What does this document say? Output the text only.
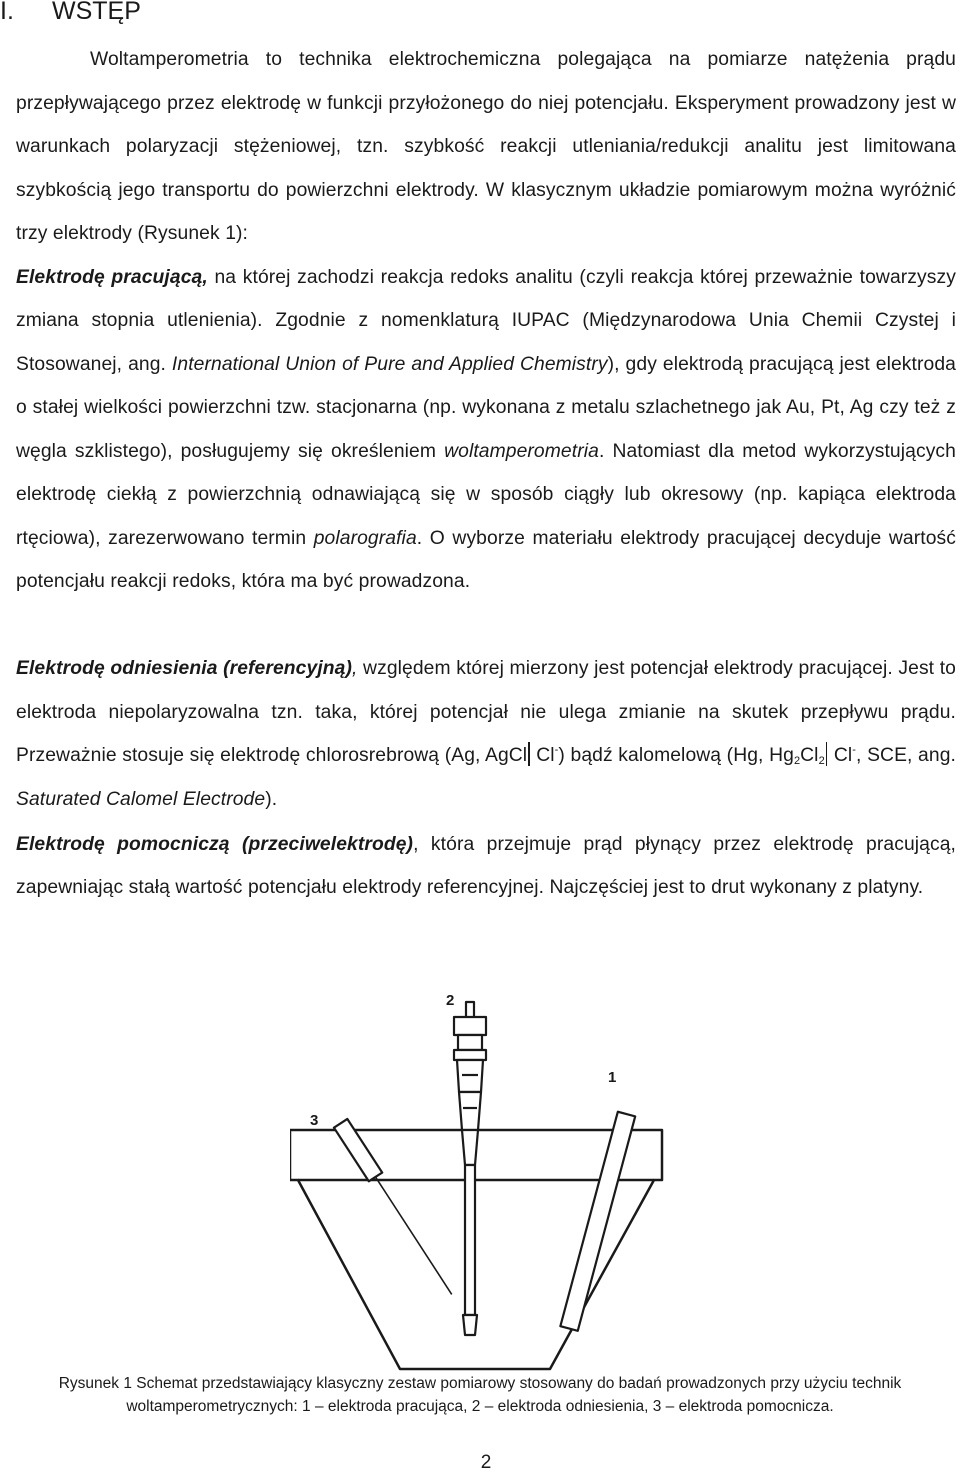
I. WSTĘP

Woltamperometria to technika elektrochemiczna polegająca na pomiarze natężenia prądu przepływającego przez elektrodę w funkcji przyłożonego do niej potencjału. Eksperyment prowadzony jest w warunkach polaryzacji stężeniowej, tzn. szybkość reakcji utleniania/redukcji analitu jest limitowana szybkością jego transportu do powierzchni elektrody. W klasycznym układzie pomiarowym można wyróżnić trzy elektrody (Rysunek 1):

Elektrodę pracującą, na której zachodzi reakcja redoks analitu (czyli reakcja której przeważnie towarzyszy zmiana stopnia utlenienia). Zgodnie z nomenklaturą IUPAC (Międzynarodowa Unia Chemii Czystej i Stosowanej, ang. International Union of Pure and Applied Chemistry), gdy elektrodą pracującą jest elektroda o stałej wielkości powierzchni tzw. stacjonarna (np. wykonana z metalu szlachetnego jak Au, Pt, Ag czy też z węgla szklistego), posługujemy się określeniem woltamperometria. Natomiast dla metod wykorzystujących elektrodę ciekłą z powierzchnią odnawiającą się w sposób ciągły lub okresowy (np. kapiąca elektroda rtęciowa), zarezerwowano termin polarografia. O wyborze materiału elektrody pracującej decyduje wartość potencjału reakcji redoks, która ma być prowadzona.

Elektrodę odniesienia (referencyjną), względem której mierzony jest potencjał elektrody pracującej. Jest to elektroda niepolaryzowalna tzn. taka, której potencjał nie ulega zmianie na skutek przepływu prądu. Przeważnie stosuje się elektrodę chlorosrebrową (Ag, AgCl Cl-) bądź kalomelową (Hg, $Hg_2Cl_2$ Cl-, SCE, ang. Saturated Calomel Electrode).

Elektrodę pomocniczą (przeciwelektrodę), która przejmuje prąd płynący przez elektrodę pracującą, zapewniając stałą wartość potencjału elektrody referencyjnej. Najczęściej jest to drut wykonany z platyny.

1
2
3

Rysunek 1 Schemat przedstawiający klasyczny zestaw pomiarowy stosowany do badań prowadzonych przy użyciu technik

woltamperometrycznych: 1 – elektroda pracująca, 2 – elektroda odniesienia, 3 – elektroda pomocnicza.

2
